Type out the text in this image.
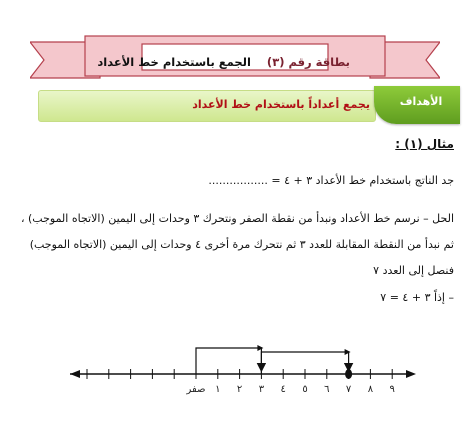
بطاقة رقم (٣)    الجمع باستخدام خط الأعداد
الأهداف
يجمع أعداداً باستخدام خط الأعداد
مثال (١) :
جد الناتج باستخدام خط الأعداد ٣ + ٤ = .................
الحل – نرسم خط الأعداد ونبدأ من نقطة الصفر ونتحرك ٣ وحدات إلى اليمين (الاتجاه الموجب) ، ثم نبدأ من النقطة المقابلة للعدد ٣ ثم نتحرك مرة أخرى ٤ وحدات إلى اليمين (الاتجاه الموجب) فنصل إلى العدد ٧
– إذاً ٣ + ٤ = ٧
صفر ١ ٢ ٣ ٤ ٥ ٦ ٧ ٨ ٩
